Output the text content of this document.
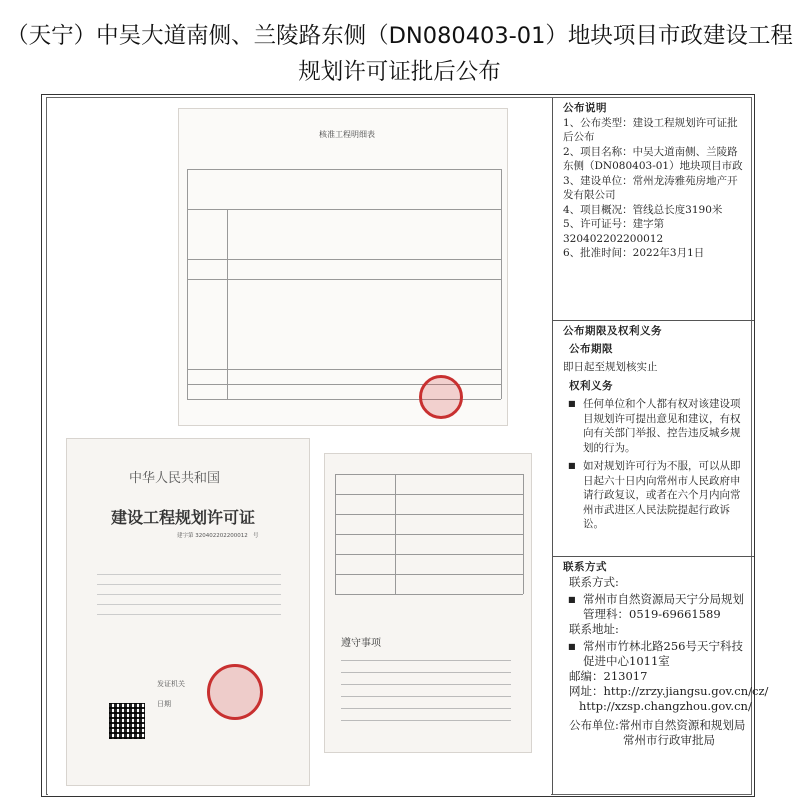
（天宁）中吴大道南侧、兰陵路东侧（DN080403-01）地块项目市政建设工程
规划许可证批后公布
核准工程明细表
中华人民共和国
建设工程规划许可证
建字第 320402202200012 号
发证机关
日期
遵守事项
公布说明
1、公布类型：建设工程规划许可证批后公布
2、项目名称：中吴大道南侧、兰陵路东侧（DN080403-01）地块项目市政
3、建设单位：常州龙涛雅苑房地产开发有限公司
4、项目概况：管线总长度3190米
5、许可证号：建字第320402202200012
6、批准时间：2022年3月1日
公布期限及权利义务
公布期限
即日起至规划核实止
权利义务
■ 任何单位和个人都有权对该建设项目规划许可提出意见和建议，有权向有关部门举报、控告违反城乡规划的行为。
■ 如对规划许可行为不服，可以从即日起六十日内向常州市人民政府申请行政复议，或者在六个月内向常州市武进区人民法院提起行政诉讼。
联系方式
联系方式:
■ 常州市自然资源局天宁分局规划管理科：0519-69661589
联系地址:
■ 常州市竹林北路256号天宁科技促进中心1011室
邮编：213017
网址：http://zrzy.jiangsu.gov.cn/cz/
http://xzsp.changzhou.gov.cn/
公布单位:常州市自然资源和规划局
常州市行政审批局
